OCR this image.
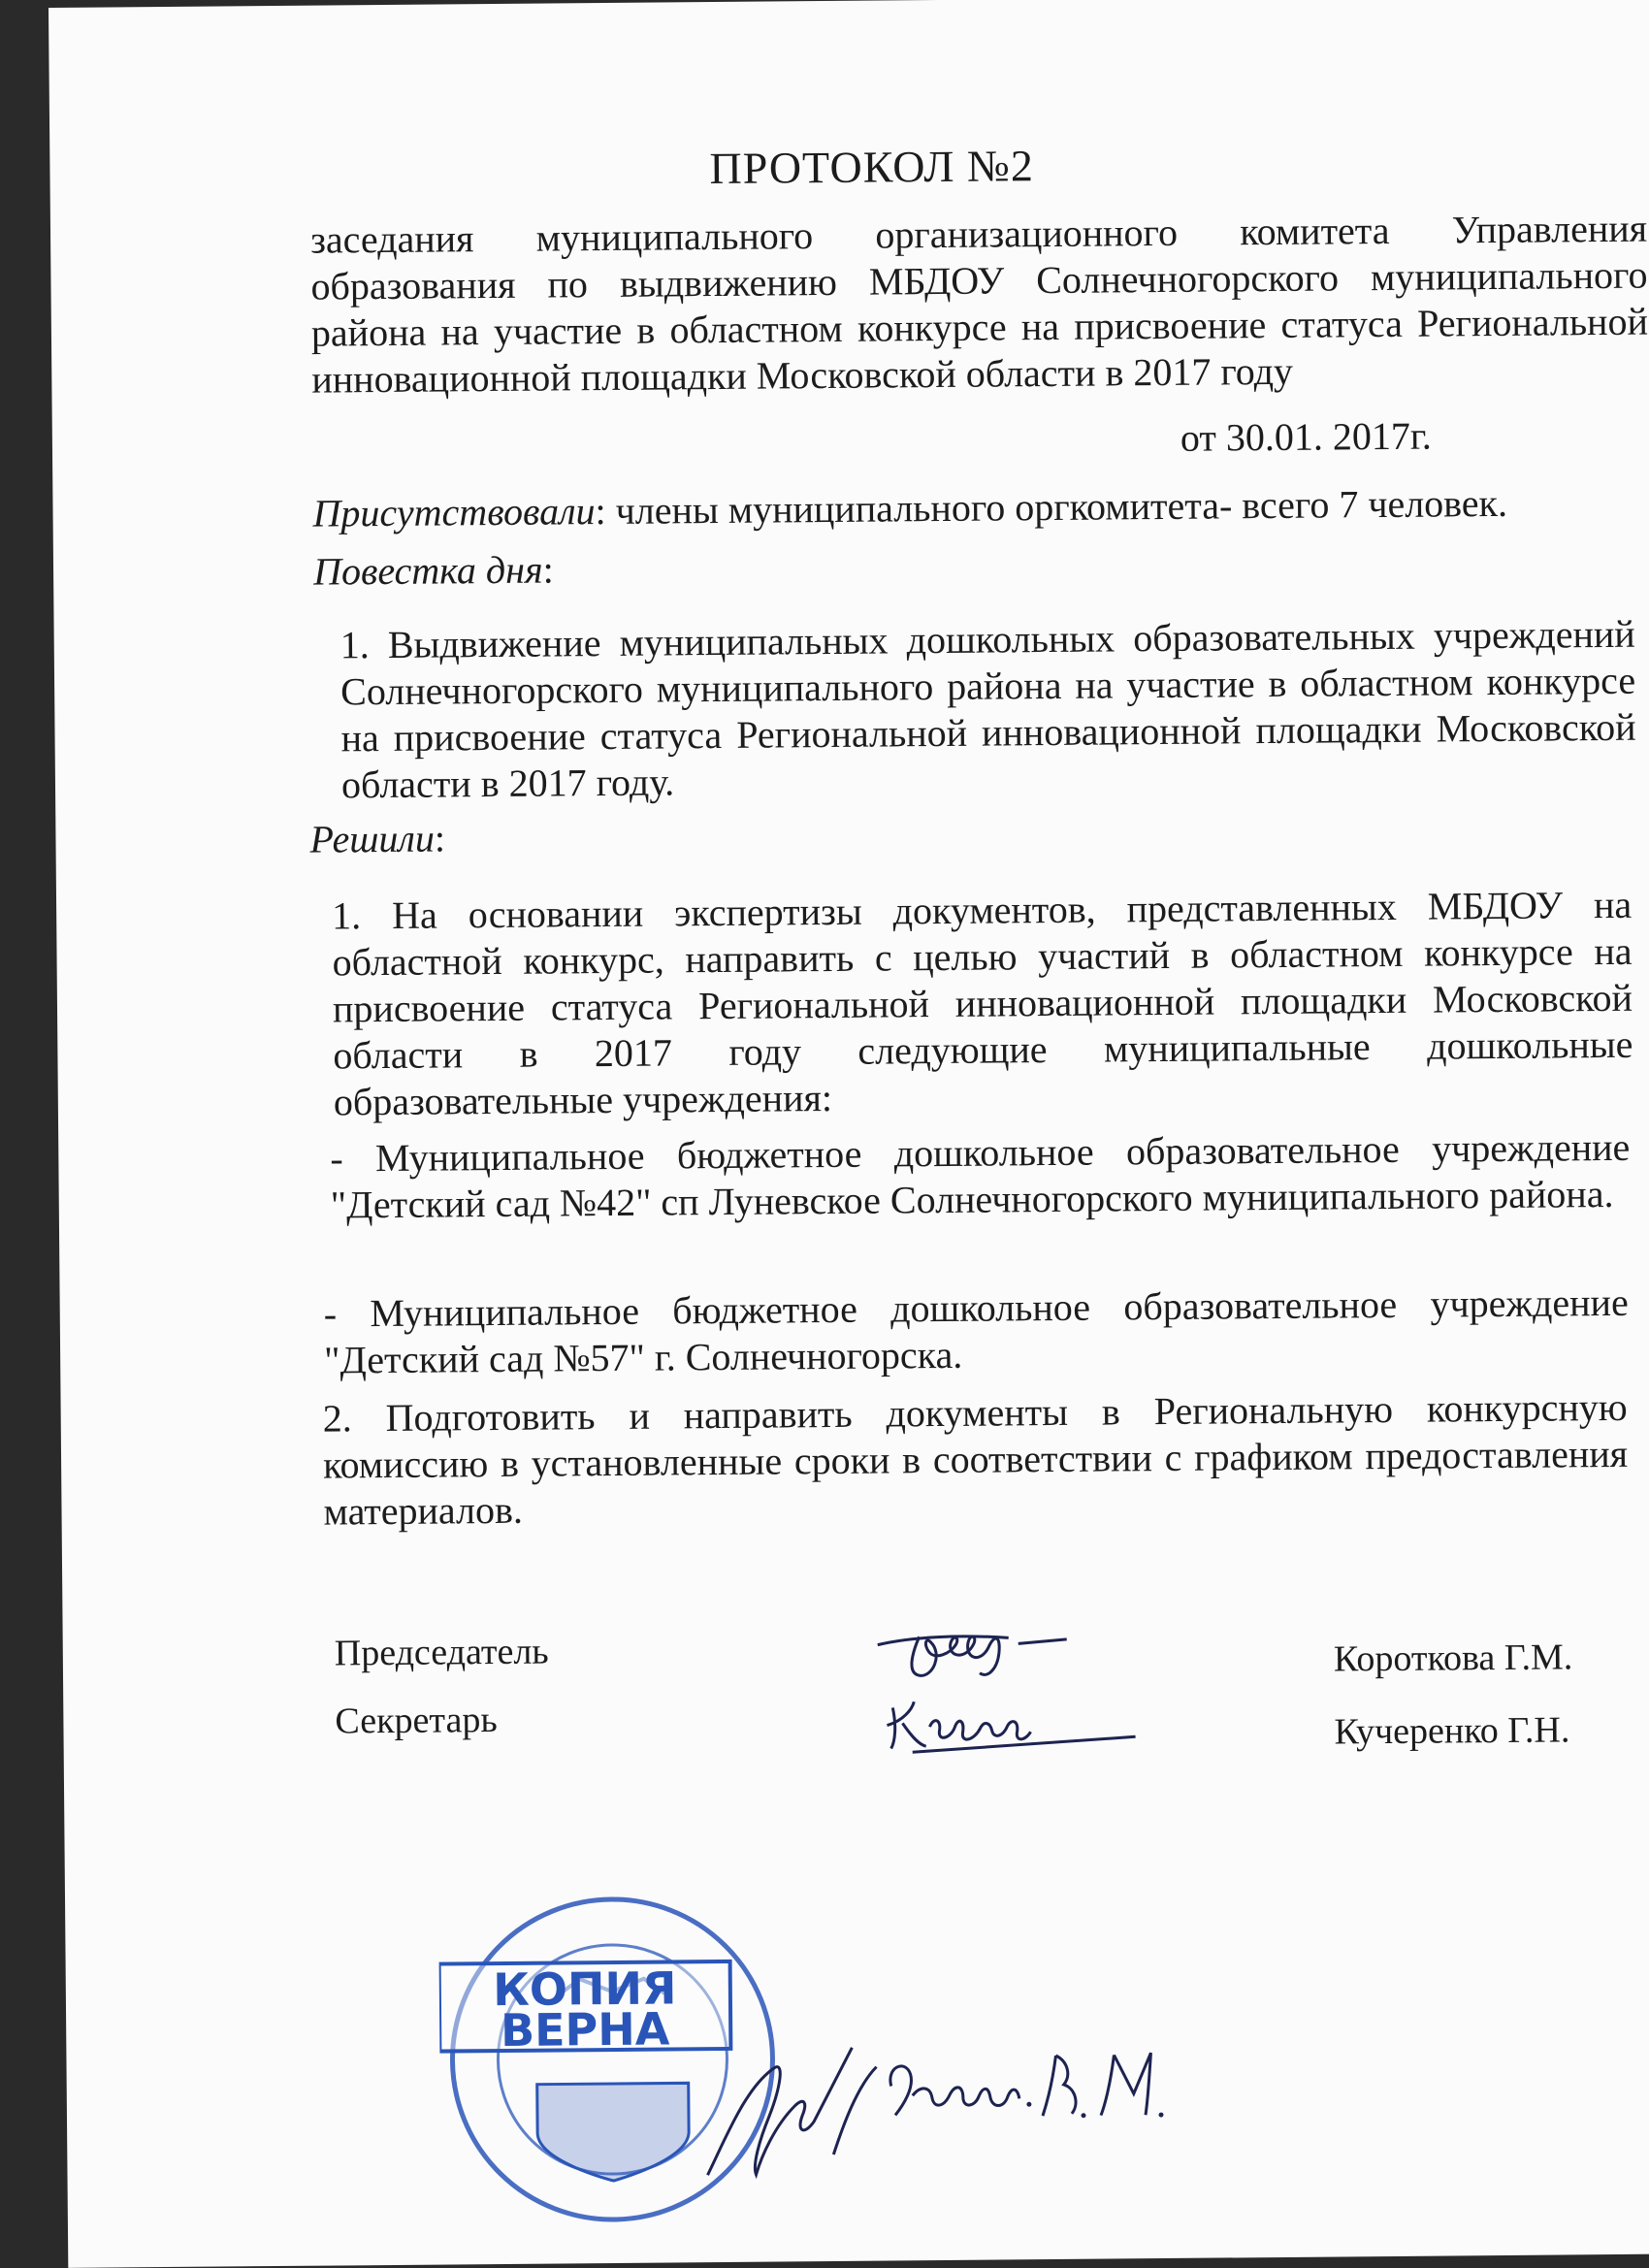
ПРОТОКОЛ №2
заседания муниципального организационного комитета Управления образования по выдвижению МБДОУ Солнечногорского муниципального района на участие в областном конкурсе на присвоение статуса Региональной инновационной площадки Московской области в 2017 году
от 30.01. 2017г.
Присутствовали: члены муниципального оргкомитета- всего 7 человек.
Повестка дня:
1. Выдвижение муниципальных дошкольных образовательных учреждений Солнечногорского муниципального района на участие в областном конкурсе на присвоение статуса Региональной инновационной площадки Московской области в 2017 году.
Решили:
1. На основании экспертизы документов, представленных МБДОУ на областной конкурс, направить с целью участий в областном конкурсе на присвоение статуса Региональной инновационной площадки Московской области в 2017 году следующие муниципальные дошкольные образовательные учреждения:
- Муниципальное бюджетное дошкольное образовательное учреждение "Детский сад №42" сп Луневское Солнечногорского муниципального района.
- Муниципальное бюджетное дошкольное образовательное учреждение "Детский сад №57" г. Солнечногорска.
2. Подготовить и направить документы в Региональную конкурсную комиссию в установленные сроки в соответствии с графиком предоставления материалов.
Председатель
Секретарь
Короткова Г.М.
Кучеренко Г.Н.
КОПИЯ
ВЕРНА
